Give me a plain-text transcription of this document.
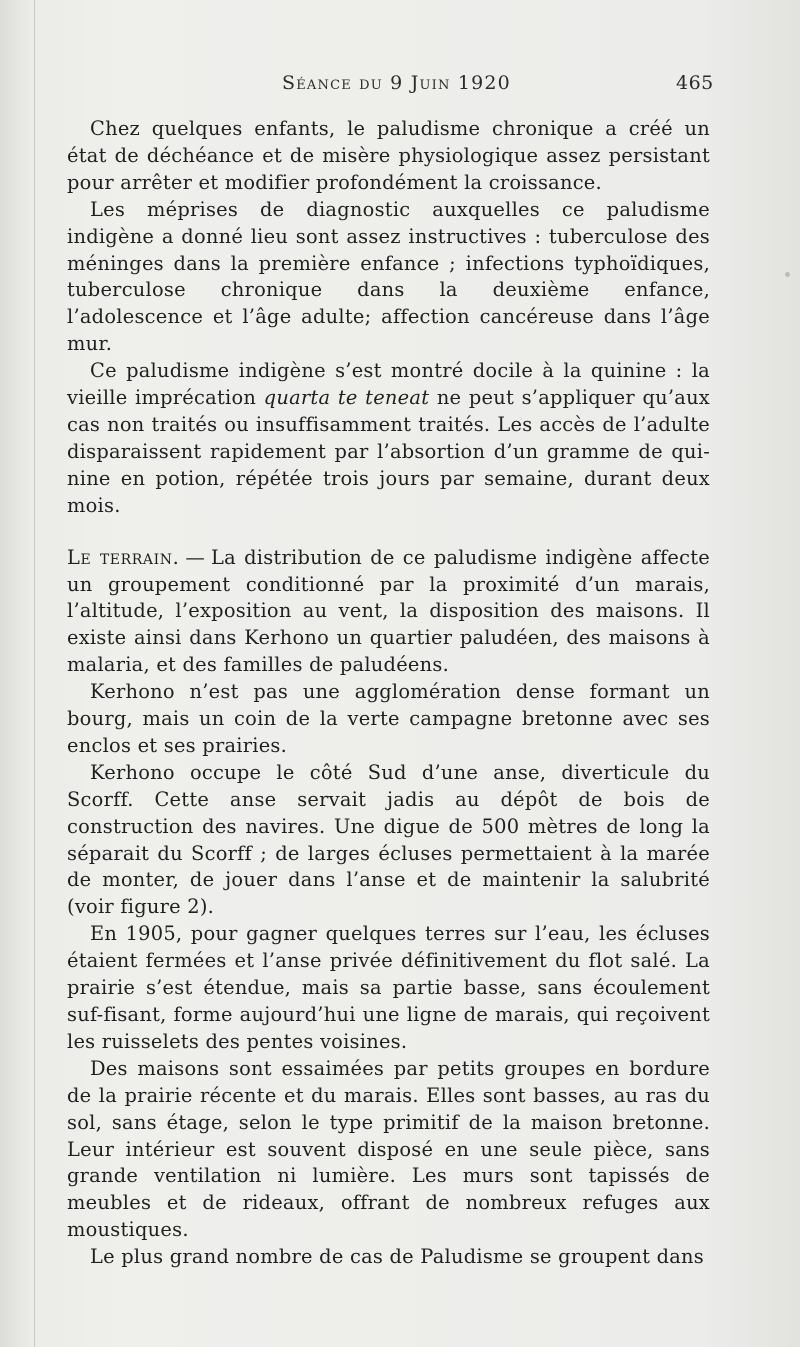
Séance du 9 Juin 1920	465

Chez quelques enfants, le paludisme chronique a créé un état de déchéance et de misère physiologique assez persistant pour arrêter et modifier profondément la croissance.

Les méprises de diagnostic auxquelles ce paludisme indigène a donné lieu sont assez instructives : tuberculose des méninges dans la première enfance ; infections typhoïdiques, tuberculose chronique dans la deuxième enfance, l’adolescence et l’âge adulte; affection cancéreuse dans l’âge mur.

Ce paludisme indigène s’est montré docile à la quinine : la vieille imprécation quarta te teneat ne peut s’appliquer qu’aux cas non traités ou insuffisamment traités. Les accès de l’adulte disparaissent rapidement par l’absortion d’un gramme de qui-nine en potion, répétée trois jours par semaine, durant deux mois.

Le terrain. — La distribution de ce paludisme indigène affecte un groupement conditionné par la proximité d’un marais, l’altitude, l’exposition au vent, la disposition des maisons. Il existe ainsi dans Kerhono un quartier paludéen, des maisons à malaria, et des familles de paludéens.

Kerhono n’est pas une agglomération dense formant un bourg, mais un coin de la verte campagne bretonne avec ses enclos et ses prairies.

Kerhono occupe le côté Sud d’une anse, diverticule du Scorff. Cette anse servait jadis au dépôt de bois de construction des navires. Une digue de 500 mètres de long la séparait du Scorff ; de larges écluses permettaient à la marée de monter, de jouer dans l’anse et de maintenir la salubrité (voir figure 2).

En 1905, pour gagner quelques terres sur l’eau, les écluses étaient fermées et l’anse privée définitivement du flot salé. La prairie s’est étendue, mais sa partie basse, sans écoulement suf-fisant, forme aujourd’hui une ligne de marais, qui reçoivent les ruisselets des pentes voisines.

Des maisons sont essaimées par petits groupes en bordure de la prairie récente et du marais. Elles sont basses, au ras du sol, sans étage, selon le type primitif de la maison bretonne. Leur intérieur est souvent disposé en une seule pièce, sans grande ventilation ni lumière. Les murs sont tapissés de meubles et de rideaux, offrant de nombreux refuges aux moustiques.

Le plus grand nombre de cas de Paludisme se groupent dans
